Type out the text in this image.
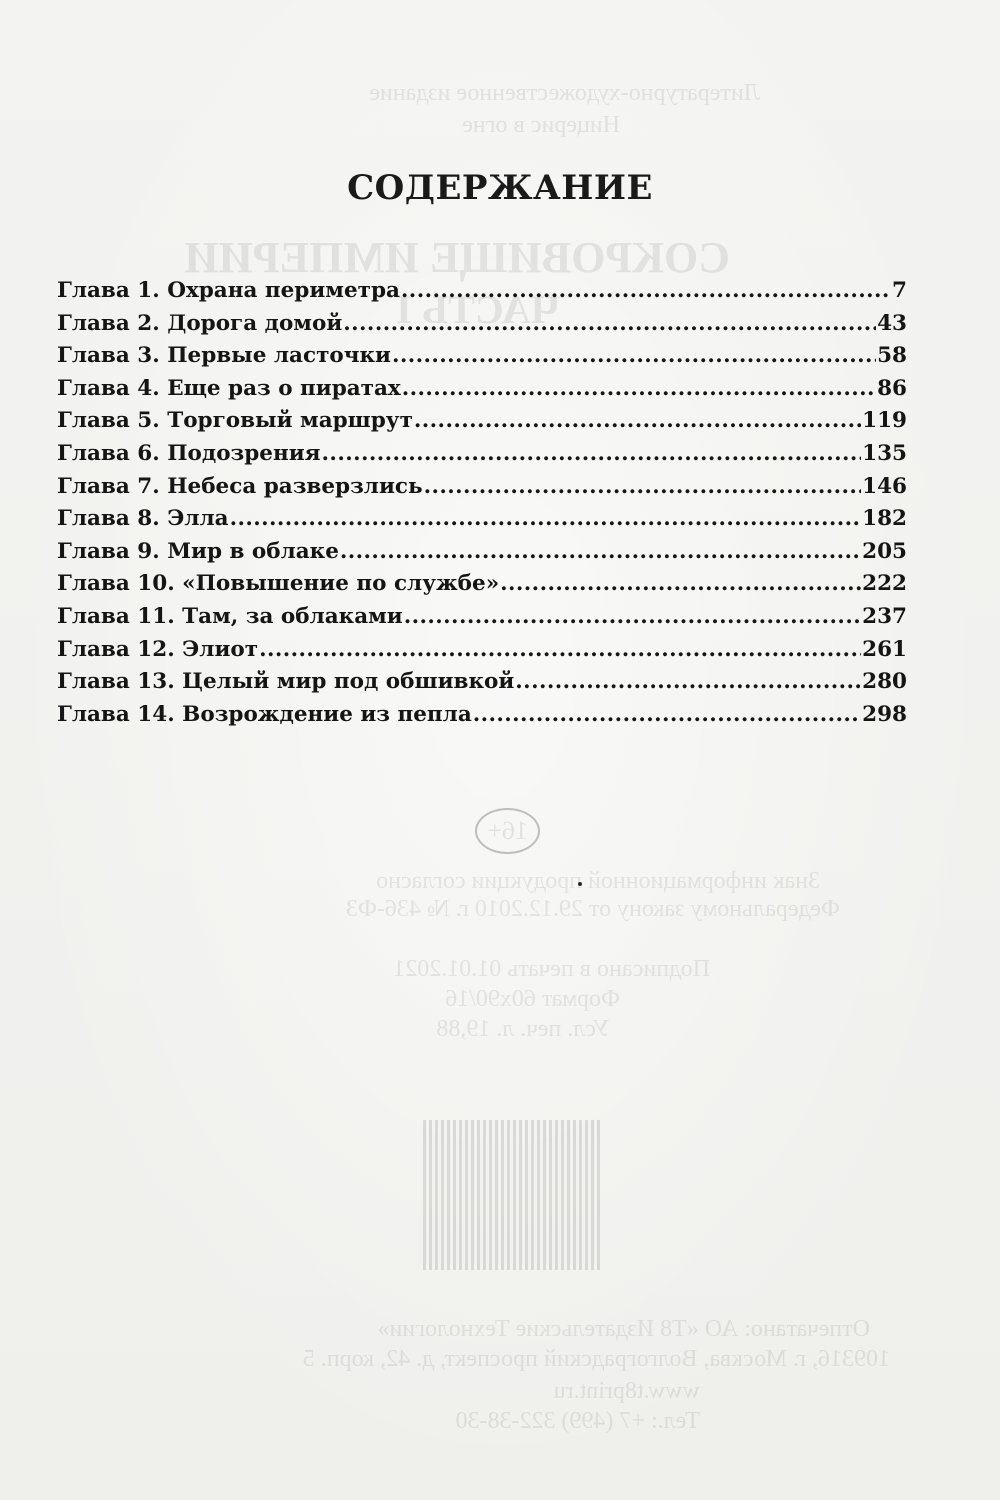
Литературно-художественное издание
Ницерис в огне
СОКРОВИЩЕ ИМПЕРИИ
ЧАСТЬ I
16+
Знак информационной продукции согласно
Федеральному закону от 29.12.2010 г. № 436-ФЗ
Подписано в печать 01.01.2021
Формат 60х90/16
Усл. печ. л. 19,88
Отпечатано: АО «Т8 Издательские Технологии»
109316, г. Москва, Волгоградский проспект, д. 42, корп. 5
www.t8print.ru
Тел.: +7 (499) 322-38-30
СОДЕРЖАНИЕ
Глава 1. Охрана периметра .....	7
Глава 2. Дорога домой .....	43
Глава 3. Первые ласточки .....	58
Глава 4. Еще раз о пиратах .....	86
Глава 5. Торговый маршрут .....	119
Глава 6. Подозрения .....	135
Глава 7. Небеса разверзлись .....	146
Глава 8. Элла .....	182
Глава 9. Мир в облаке .....	205
Глава 10. «Повышение по службе» .....	222
Глава 11. Там, за облаками .....	237
Глава 12. Элиот .....	261
Глава 13. Целый мир под обшивкой .....	280
Глава 14. Возрождение из пепла .....	298
